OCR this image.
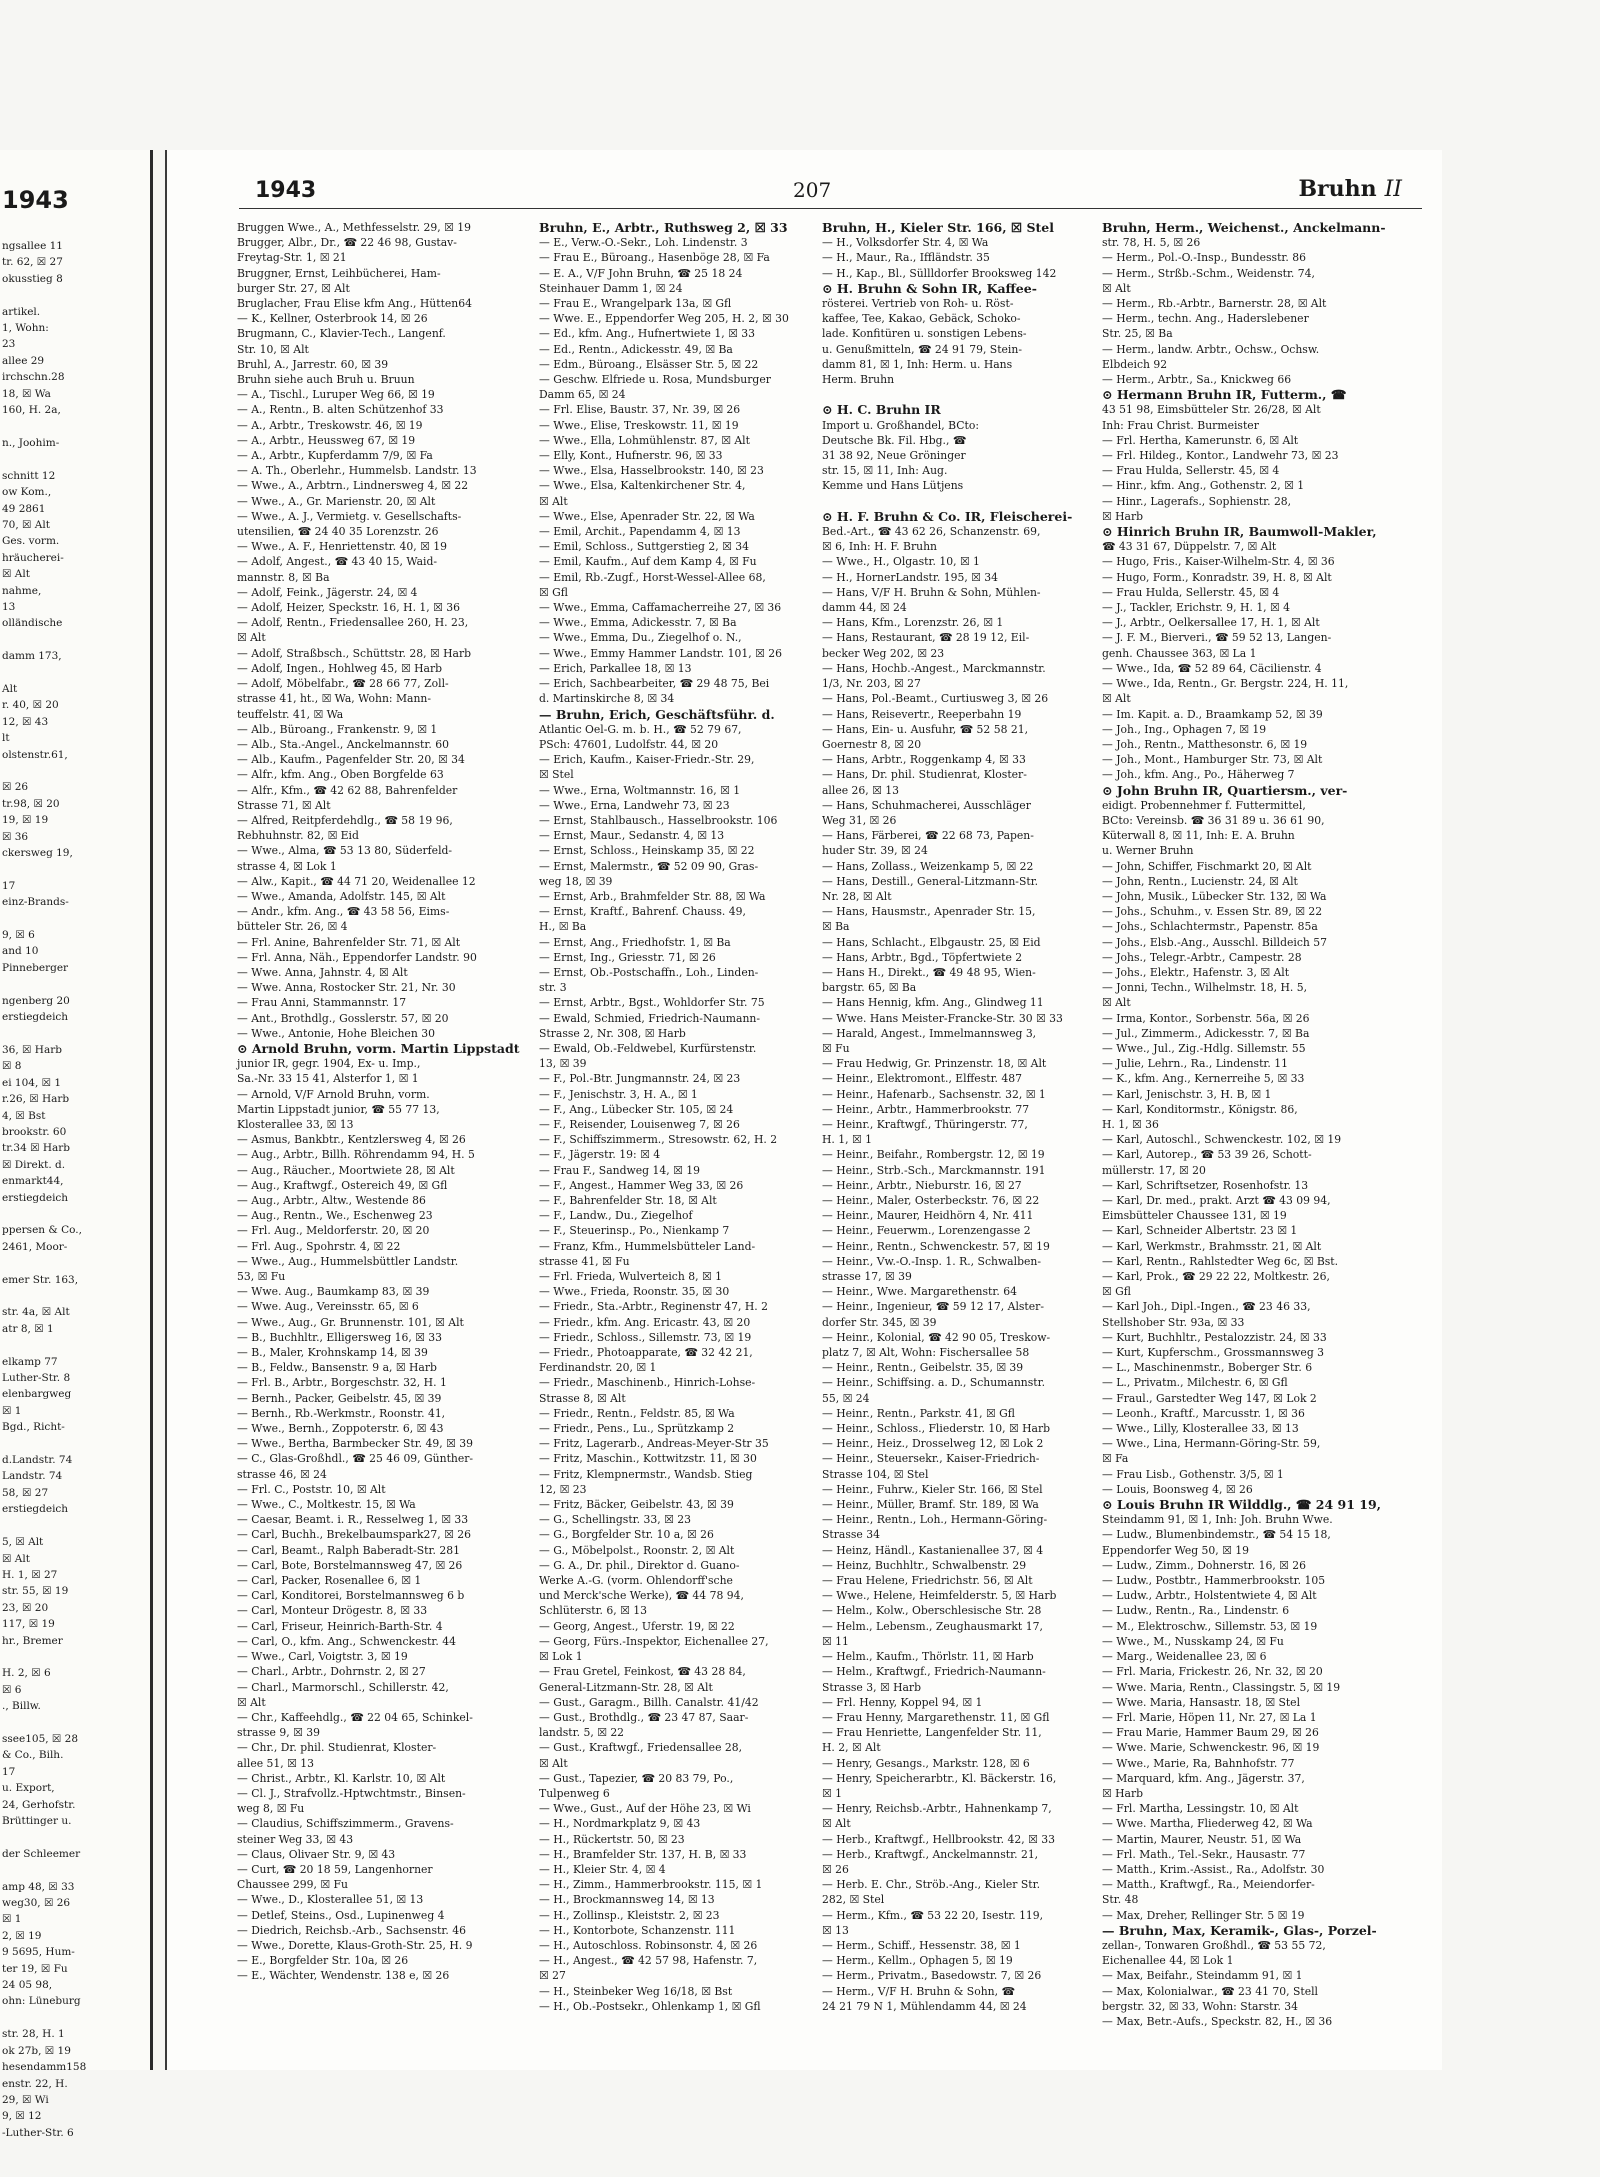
1943
ngsallee 11
tr. 62, ☒ 27
okusstieg 8

artikel.
1, Wohn:
23
allee 29
irchschn.28
18, ☒ Wa
160, H. 2a,

n., Joohim-

schnitt 12
ow Kom.,
49 2861
70, ☒ Alt
Ges. vorm.
hräucherei-
☒ Alt
nahme,
13
olländische

damm 173,

Alt
r. 40, ☒ 20
12, ☒ 43
lt
olstenstr.61,

☒ 26
tr.98, ☒ 20
19, ☒ 19
☒ 36
ckersweg 19,

17
einz-Brands-

9, ☒ 6
and 10
Pinneberger

ngenberg 20
erstiegdeich

36, ☒ Harb
☒ 8
ei 104, ☒ 1
r.26, ☒ Harb
4, ☒ Bst
brookstr. 60
tr.34 ☒ Harb
☒ Direkt. d.
enmarkt44,
erstiegdeich

ppersen & Co.,
2461, Moor-

emer Str. 163,

str. 4a, ☒ Alt
atr 8, ☒ 1

elkamp 77
Luther-Str. 8
elenbargweg
☒ 1
Bgd., Richt-

d.Landstr. 74
Landstr. 74
58, ☒ 27
erstiegdeich

5, ☒ Alt
☒ Alt
H. 1, ☒ 27
str. 55, ☒ 19
23, ☒ 20
117, ☒ 19
hr., Bremer

H. 2, ☒ 6
☒ 6
., Billw.

ssee105, ☒ 28
& Co., Bilh.
17
u. Export,
24, Gerhofstr.
Brüttinger u.

der Schleemer

amp 48, ☒ 33
weg30, ☒ 26
☒ 1
2, ☒ 19
9 5695, Hum-
ter 19, ☒ Fu
24 05 98,
ohn: Lüneburg

str. 28, H. 1
ok 27b, ☒ 19
hesendamm158
enstr. 22, H.
29, ☒ Wi
9, ☒ 12
-Luther-Str. 6
1943	207	Bruhn II
Bruggen Wwe., A., Methfesselstr. 29, ☒ 19
Brugger, Albr., Dr., ☎ 22 46 98, Gustav-
Freytag-Str. 1, ☒ 21
Bruggner, Ernst, Leihbüchereі, Ham-
burger Str. 27, ☒ Alt
Bruglacher, Frau Elise kfm Ang., Hütten64
— K., Kellner, Osterbrook 14, ☒ 26
Brugmann, C., Klavier-Tech., Langenf.
Str. 10, ☒ Alt
Bruhl, A., Jarrestr. 60, ☒ 39
Bruhn siehe auch Bruh u. Bruun
— A., Tischl., Luruper Weg 66, ☒ 19
— A., Rentn., B. alten Schützenhof 33
— A., Arbtr., Treskowstr. 46, ☒ 19
— A., Arbtr., Heussweg 67, ☒ 19
— A., Arbtr., Kupferdamm 7/9, ☒ Fa
— A. Th., Oberlehr., Hummelsb. Landstr. 13
— Wwe., A., Arbtrn., Lindnersweg 4, ☒ 22
— Wwe., A., Gr. Marienstr. 20, ☒ Alt
— Wwe., A. J., Vermietg. v. Gesellschafts-
utensilien, ☎ 24 40 35 Lorenzstr. 26
— Wwe., A. F., Henriettenstr. 40, ☒ 19
— Adolf, Angest., ☎ 43 40 15, Waid-
mannstr. 8, ☒ Ba
— Adolf, Feink., Jägerstr. 24, ☒ 4
— Adolf, Heizer, Speckstr. 16, H. 1, ☒ 36
— Adolf, Rentn., Friedensallee 260, H. 23,
☒ Alt
— Adolf, Straßbsch., Schüttstr. 28, ☒ Harb
— Adolf, Ingen., Hohlweg 45, ☒ Harb
— Adolf, Möbelfabr., ☎ 28 66 77, Zoll-
strasse 41, ht., ☒ Wa, Wohn: Mann-
teuffelstr. 41, ☒ Wa
— Alb., Büroang., Frankenstr. 9, ☒ 1
— Alb., Sta.-Angel., Anckelmannstr. 60
— Alb., Kaufm., Pagenfelder Str. 20, ☒ 34
— Alfr., kfm. Ang., Oben Borgfelde 63
— Alfr., Kfm., ☎ 42 62 88, Bahrenfelder
Strasse 71, ☒ Alt
— Alfred, Reitpferdehdlg., ☎ 58 19 96,
Rebhuhnstr. 82, ☒ Eid
— Wwe., Alma, ☎ 53 13 80, Süderfeld-
strasse 4, ☒ Lok 1
— Alw., Kapit., ☎ 44 71 20, Weidenallee 12
— Wwe., Amanda, Adolfstr. 145, ☒ Alt
— Andr., kfm. Ang., ☎ 43 58 56, Eims-
bütteler Str. 26, ☒ 4
— Frl. Anine, Bahrenfelder Str. 71, ☒ Alt
— Frl. Anna, Näh., Eppendorfer Landstr. 90
— Wwe. Anna, Jahnstr. 4, ☒ Alt
— Wwe. Anna, Rostocker Str. 21, Nr. 30
— Frau Anni, Stammannstr. 17
— Ant., Brothdlg., Gosslerstr. 57, ☒ 20
— Wwe., Antonie, Hohe Bleichen 30
⊙ Arnold Bruhn, vorm. Martin Lippstadt
junior IR, gegr. 1904, Ex- u. Imp.,
Sa.-Nr. 33 15 41, Alsterfor 1, ☒ 1
— Arnold, V/F Arnold Bruhn, vorm.
Martin Lippstadt junior, ☎ 55 77 13,
Klosterallee 33, ☒ 13
— Asmus, Bankbtr., Kentzlersweg 4, ☒ 26
— Aug., Arbtr., Billh. Röhrendamm 94, H. 5
— Aug., Räucher., Moortwiete 28, ☒ Alt
— Aug., Kraftwgf., Ostereich 49, ☒ Gfl
— Aug., Arbtr., Altw., Westende 86
— Aug., Rentn., We., Eschenweg 23
— Frl. Aug., Meldorferstr. 20, ☒ 20
— Frl. Aug., Spohrstr. 4, ☒ 22
— Wwe., Aug., Hummelsbüttler Landstr.
53, ☒ Fu
— Wwe. Aug., Baumkamp 83, ☒ 39
— Wwe. Aug., Vereinsstr. 65, ☒ 6
— Wwe., Aug., Gr. Brunnenstr. 101, ☒ Alt
— B., Buchhltr., Elligersweg 16, ☒ 33
— B., Maler, Krohnskamp 14, ☒ 39
— B., Feldw., Bansenstr. 9 a, ☒ Harb
— Frl. B., Arbtr., Borgeschstr. 32, H. 1
— Bernh., Packer, Geibelstr. 45, ☒ 39
— Bernh., Rb.-Werkmstr., Roonstr. 41,
— Wwe., Bernh., Zoppoterstr. 6, ☒ 43
— Wwe., Bertha, Barmbecker Str. 49, ☒ 39
— C., Glas-Großhdl., ☎ 25 46 09, Günther-
strasse 46, ☒ 24
— Frl. C., Poststr. 10, ☒ Alt
— Wwe., C., Moltkestr. 15, ☒ Wa
— Caesar, Beamt. i. R., Resselweg 1, ☒ 33
— Carl, Buchh., Brekelbaumspark27, ☒ 26
— Carl, Beamt., Ralph Baberadt-Str. 281
— Carl, Bote, Borstelmannsweg 47, ☒ 26
— Carl, Packer, Rosenallee 6, ☒ 1
— Carl, Konditorei, Borstelmannsweg 6 b
— Carl, Monteur Drögestr. 8, ☒ 33
— Carl, Friseur, Heinrich-Barth-Str. 4
— Carl, O., kfm. Ang., Schwenckestr. 44
— Wwe., Carl, Voigtstr. 3, ☒ 19
— Charl., Arbtr., Dohrnstr. 2, ☒ 27
— Charl., Marmorschl., Schillerstr. 42,
☒ Alt
— Chr., Kaffeehdlg., ☎ 22 04 65, Schinkel-
strasse 9, ☒ 39
— Chr., Dr. phil. Studienrat, Kloster-
allee 51, ☒ 13
— Christ., Arbtr., Kl. Karlstr. 10, ☒ Alt
— Cl. J., Strafvollz.-Hptwchtmstr., Binsen-
weg 8, ☒ Fu
— Claudius, Schiffszimmerm., Gravens-
steiner Weg 33, ☒ 43
— Claus, Olivaer Str. 9, ☒ 43
— Curt, ☎ 20 18 59, Langenhorner
Chaussee 299, ☒ Fu
— Wwe., D., Klosterallee 51, ☒ 13
— Detlef, Steins., Osd., Lupinenweg 4
— Diedrich, Reichsb.-Arb., Sachsenstr. 46
— Wwe., Dorette, Klaus-Groth-Str. 25, H. 9
— E., Borgfelder Str. 10a, ☒ 26
— E., Wächter, Wendenstr. 138 e, ☒ 26
Bruhn, E., Arbtr., Ruthsweg 2, ☒ 33
— E., Verw.-O.-Sekr., Loh. Lindenstr. 3
— Frau E., Büroang., Hasenböge 28, ☒ Fa
— E. A., V/F John Bruhn, ☎ 25 18 24
Steinhauer Damm 1, ☒ 24
— Frau E., Wrangelpark 13a, ☒ Gfl
— Wwe. E., Eppendorfer Weg 205, H. 2, ☒ 30
— Ed., kfm. Ang., Hufnertwiete 1, ☒ 33
— Ed., Rentn., Adickesstr. 49, ☒ Ba
— Edm., Büroang., Elsässer Str. 5, ☒ 22
— Geschw. Elfriede u. Rosa, Mundsburger
Damm 65, ☒ 24
— Frl. Elise, Baustr. 37, Nr. 39, ☒ 26
— Wwe., Elise, Treskowstr. 11, ☒ 19
— Wwe., Ella, Lohmühlenstr. 87, ☒ Alt
— Elly, Kont., Hufnerstr. 96, ☒ 33
— Wwe., Elsa, Hasselbrookstr. 140, ☒ 23
— Wwe., Elsa, Kaltenkirchener Str. 4,
☒ Alt
— Wwe., Else, Apenrader Str. 22, ☒ Wa
— Emil, Archit., Papendamm 4, ☒ 13
— Emil, Schloss., Suttgerstieg 2, ☒ 34
— Emil, Kaufm., Auf dem Kamp 4, ☒ Fu
— Emil, Rb.-Zugf., Horst-Wessel-Allee 68,
☒ Gfl
— Wwe., Emma, Caffamacherreihe 27, ☒ 36
— Wwe., Emma, Adickesstr. 7, ☒ Ba
— Wwe., Emma, Du., Ziegelhof o. N.,
— Wwe., Emmy Hammer Landstr. 101, ☒ 26
— Erich, Parkallee 18, ☒ 13
— Erich, Sachbearbeiter, ☎ 29 48 75, Bei
d. Martinskirche 8, ☒ 34
— Bruhn, Erich, Geschäftsführ. d.
Atlantic Oel-G. m. b. H., ☎ 52 79 67,
PSch: 47601, Ludolfstr. 44, ☒ 20
— Erich, Kaufm., Kaiser-Friedr.-Str. 29,
☒ Stel
— Wwe., Erna, Woltmannstr. 16, ☒ 1
— Wwe., Erna, Landwehr 73, ☒ 23
— Ernst, Stahlbausch., Hasselbrookstr. 106
— Ernst, Maur., Sedanstr. 4, ☒ 13
— Ernst, Schloss., Heinskamp 35, ☒ 22
— Ernst, Malermstr., ☎ 52 09 90, Gras-
weg 18, ☒ 39
— Ernst, Arb., Brahmfelder Str. 88, ☒ Wa
— Ernst, Kraftf., Bahrenf. Chauss. 49,
H., ☒ Ba
— Ernst, Ang., Friedhofstr. 1, ☒ Ba
— Ernst, Ing., Griesstr. 71, ☒ 26
— Ernst, Ob.-Postschaffn., Loh., Linden-
str. 3
— Ernst, Arbtr., Bgst., Wohldorfer Str. 75
— Ewald, Schmied, Friedrich-Naumann-
Strasse 2, Nr. 308, ☒ Harb
— Ewald, Ob.-Feldwebel, Kurfürstenstr.
13, ☒ 39
— F., Pol.-Btr. Jungmannstr. 24, ☒ 23
— F., Jenischstr. 3, H. A., ☒ 1
— F., Ang., Lübecker Str. 105, ☒ 24
— F., Reisender, Louisenweg 7, ☒ 26
— F., Schiffszimmerm., Stresowstr. 62, H. 2
— F., Jägerstr. 19: ☒ 4
— Frau F., Sandweg 14, ☒ 19
— F., Angest., Hammer Weg 33, ☒ 26
— F., Bahrenfelder Str. 18, ☒ Alt
— F., Landw., Du., Ziegelhof
— F., Steuerinsp., Po., Nienkamp 7
— Franz, Kfm., Hummelsbütteler Land-
strasse 41, ☒ Fu
— Frl. Frieda, Wulverteich 8, ☒ 1
— Wwe., Frieda, Roonstr. 35, ☒ 30
— Friedr., Sta.-Arbtr., Reginenstr 47, H. 2
— Friedr., kfm. Ang. Ericastr. 43, ☒ 20
— Friedr., Schloss., Sillemstr. 73, ☒ 19
— Friedr., Photoapparate, ☎ 32 42 21,
Ferdinandstr. 20, ☒ 1
— Friedr., Maschinenb., Hinrich-Lohse-
Strasse 8, ☒ Alt
— Friedr., Rentn., Feldstr. 85, ☒ Wa
— Friedr., Pens., Lu., Sprützkamp 2
— Fritz, Lagerarb., Andreas-Meyer-Str 35
— Fritz, Maschin., Kottwitzstr. 11, ☒ 30
— Fritz, Klempnermstr., Wandsb. Stieg
12, ☒ 23
— Fritz, Bäcker, Geibelstr. 43, ☒ 39
— G., Schellingstr. 33, ☒ 23
— G., Borgfelder Str. 10 a, ☒ 26
— G., Möbelpolst., Roonstr. 2, ☒ Alt
— G. A., Dr. phil., Direktor d. Guano-
Werke A.-G. (vorm. Ohlendorff'sche
und Merck'sche Werke), ☎ 44 78 94,
Schlüterstr. 6, ☒ 13
— Georg, Angest., Uferstr. 19, ☒ 22
— Georg, Fürs.-Inspektor, Eichenallee 27,
☒ Lok 1
— Frau Gretel, Feinkost, ☎ 43 28 84,
General-Litzmann-Str. 28, ☒ Alt
— Gust., Garagm., Billh. Canalstr. 41/42
— Gust., Brothdlg., ☎ 23 47 87, Saar-
landstr. 5, ☒ 22
— Gust., Kraftwgf., Friedensallee 28,
☒ Alt
— Gust., Tapezier, ☎ 20 83 79, Po.,
Tulpenweg 6
— Wwe., Gust., Auf der Höhe 23, ☒ Wi
— H., Nordmarkplatz 9, ☒ 43
— H., Rückertstr. 50, ☒ 23
— H., Bramfelder Str. 137, H. B, ☒ 33
— H., Kleier Str. 4, ☒ 4
— H., Zimm., Hammerbrookstr. 115, ☒ 1
— H., Brockmannsweg 14, ☒ 13
— H., Zollinsp., Kleiststr. 2, ☒ 23
— H., Kontorbote, Schanzenstr. 111
— H., Autoschloss. Robinsonstr. 4, ☒ 26
— H., Angest., ☎ 42 57 98, Hafenstr. 7,
☒ 27
— H., Steinbeker Weg 16/18, ☒ Bst
— H., Ob.-Postsekr., Ohlenkamp 1, ☒ Gfl
Bruhn, H., Kieler Str. 166, ☒ Stel
— H., Volksdorfer Str. 4, ☒ Wa
— H., Maur., Ra., Iffländstr. 35
— H., Kap., Bl., Süllldorfer Brooksweg 142
⊙ H. Bruhn & Sohn IR, Kaffee-
rösterei. Vertrieb von Roh- u. Röst-
kaffee, Tee, Kakao, Gebäck, Schoko-
lade. Konfitüren u. sonstigen Lebens-
u. Genußmitteln, ☎ 24 91 79, Stein-
damm 81, ☒ 1, Inh: Herm. u. Hans
Herm. Bruhn

⊙ H. C. Bruhn IR
Import u. Großhandel, BCto:
Deutsche Bk. Fil. Hbg., ☎
31 38 92, Neue Gröninger
str. 15, ☒ 11, Inh: Aug.
Kemme und Hans Lütjens

⊙ H. F. Bruhn & Co. IR, Fleischerei-
Bed.-Art., ☎ 43 62 26, Schanzenstr. 69,
☒ 6, Inh: H. F. Bruhn
— Wwe., H., Olgastr. 10, ☒ 1
— H., HornerLandstr. 195, ☒ 34
— Hans, V/F H. Bruhn & Sohn, Mühlen-
damm 44, ☒ 24
— Hans, Kfm., Lorenzstr. 26, ☒ 1
— Hans, Restaurant, ☎ 28 19 12, Eil-
becker Weg 202, ☒ 23
— Hans, Hochb.-Angest., Marckmannstr.
1/3, Nr. 203, ☒ 27
— Hans, Pol.-Beamt., Curtiusweg 3, ☒ 26
— Hans, Reisevertr., Reeperbahn 19
— Hans, Ein- u. Ausfuhr, ☎ 52 58 21,
Goernestr 8, ☒ 20
— Hans, Arbtr., Roggenkamp 4, ☒ 33
— Hans, Dr. phil. Studienrat, Kloster-
allee 26, ☒ 13
— Hans, Schuhmacherei, Ausschläger
Weg 31, ☒ 26
— Hans, Färberei, ☎ 22 68 73, Papen-
huder Str. 39, ☒ 24
— Hans, Zollass., Weizenkamp 5, ☒ 22
— Hans, Destill., General-Litzmann-Str.
Nr. 28, ☒ Alt
— Hans, Hausmstr., Apenrader Str. 15,
☒ Ba
— Hans, Schlacht., Elbgaustr. 25, ☒ Eid
— Hans, Arbtr., Bgd., Töpfertwiete 2
— Hans H., Direkt., ☎ 49 48 95, Wien-
bargstr. 65, ☒ Ba
— Hans Hennig, kfm. Ang., Glindweg 11
— Wwe. Hans Meister-Francke-Str. 30 ☒ 33
— Harald, Angest., Immelmannsweg 3,
☒ Fu
— Frau Hedwig, Gr. Prinzenstr. 18, ☒ Alt
— Heinr., Elektromont., Elffestr. 487
— Heinr., Hafenarb., Sachsenstr. 32, ☒ 1
— Heinr., Arbtr., Hammerbrookstr. 77
— Heinr., Kraftwgf., Thüringerstr. 77,
H. 1, ☒ 1
— Heinr., Beifahr., Rombergstr. 12, ☒ 19
— Heinr., Strb.-Sch., Marckmannstr. 191
— Heinr., Arbtr., Nieburstr. 16, ☒ 27
— Heinr., Maler, Osterbeckstr. 76, ☒ 22
— Heinr., Maurer, Heidhörn 4, Nr. 411
— Heinr., Feuerwm., Lorenzengasse 2
— Heinr., Rentn., Schwenckestr. 57, ☒ 19
— Heinr., Vw.-O.-Insp. 1. R., Schwalben-
strasse 17, ☒ 39
— Heinr., Wwe. Margarethenstr. 64
— Heinr., Ingenieur, ☎ 59 12 17, Alster-
dorfer Str. 345, ☒ 39
— Heinr., Kolonial, ☎ 42 90 05, Treskow-
platz 7, ☒ Alt, Wohn: Fischersallee 58
— Heinr., Rentn., Geibelstr. 35, ☒ 39
— Heinr., Schiffsing. a. D., Schumannstr.
55, ☒ 24
— Heinr., Rentn., Parkstr. 41, ☒ Gfl
— Heinr., Schloss., Fliederstr. 10, ☒ Harb
— Heinr., Heiz., Drosselweg 12, ☒ Lok 2
— Heinr., Steuersekr., Kaiser-Friedrich-
Strasse 104, ☒ Stel
— Heinr., Fuhrw., Kieler Str. 166, ☒ Stel
— Heinr., Müller, Bramf. Str. 189, ☒ Wa
— Heinr., Rentn., Loh., Hermann-Göring-
Strasse 34
— Heinz, Händl., Kastanienallee 37, ☒ 4
— Heinz, Buchhltr., Schwalbenstr. 29
— Frau Helene, Friedrichstr. 56, ☒ Alt
— Wwe., Helene, Heimfelderstr. 5, ☒ Harb
— Helm., Kolw., Oberschlesische Str. 28
— Helm., Lebensm., Zeughausmarkt 17,
☒ 11
— Helm., Kaufm., Thörlstr. 11, ☒ Harb
— Helm., Kraftwgf., Friedrich-Naumann-
Strasse 3, ☒ Harb
— Frl. Henny, Koppel 94, ☒ 1
— Frau Henny, Margarethenstr. 11, ☒ Gfl
— Frau Henriette, Langenfelder Str. 11,
H. 2, ☒ Alt
— Henry, Gesangs., Markstr. 128, ☒ 6
— Henry, Speicherarbtr., Kl. Bäckerstr. 16,
☒ 1
— Henry, Reichsb.-Arbtr., Hahnenkamp 7,
☒ Alt
— Herb., Kraftwgf., Hellbrookstr. 42, ☒ 33
— Herb., Kraftwgf., Anckelmannstr. 21,
☒ 26
— Herb. E. Chr., Ströb.-Ang., Kieler Str.
282, ☒ Stel
— Herm., Kfm., ☎ 53 22 20, Isestr. 119,
☒ 13
— Herm., Schiff., Hessenstr. 38, ☒ 1
— Herm., Kellm., Ophagen 5, ☒ 19
— Herm., Privatm., Basedowstr. 7, ☒ 26
— Herm., V/F H. Bruhn & Sohn, ☎
24 21 79 N 1, Mühlendamm 44, ☒ 24
Bruhn, Herm., Weichenst., Anckelmann-
str. 78, H. 5, ☒ 26
— Herm., Pol.-O.-Insp., Bundesstr. 86
— Herm., Strßb.-Schm., Weidenstr. 74,
☒ Alt
— Herm., Rb.-Arbtr., Barnerstr. 28, ☒ Alt
— Herm., techn. Ang., Haderslebener
Str. 25, ☒ Ba
— Herm., landw. Arbtr., Ochsw., Ochsw.
Elbdeich 92
— Herm., Arbtr., Sa., Knickweg 66
⊙ Hermann Bruhn IR, Futterm., ☎
43 51 98, Eimsbütteler Str. 26/28, ☒ Alt
Inh: Frau Christ. Burmeister
— Frl. Hertha, Kamerunstr. 6, ☒ Alt
— Frl. Hildeg., Kontor., Landwehr 73, ☒ 23
— Frau Hulda, Sellerstr. 45, ☒ 4
— Hinr., kfm. Ang., Gothenstr. 2, ☒ 1
— Hinr., Lagerafs., Sophienstr. 28,
☒ Harb
⊙ Hinrich Bruhn IR, Baumwoll-Makler,
☎ 43 31 67, Düppelstr. 7, ☒ Alt
— Hugo, Fris., Kaiser-Wilhelm-Str. 4, ☒ 36
— Hugo, Form., Konradstr. 39, H. 8, ☒ Alt
— Frau Hulda, Sellerstr. 45, ☒ 4
— J., Tackler, Erichstr. 9, H. 1, ☒ 4
— J., Arbtr., Oelkersallee 17, H. 1, ☒ Alt
— J. F. M., Bierveri., ☎ 59 52 13, Langen-
genh. Chaussee 363, ☒ La 1
— Wwe., Ida, ☎ 52 89 64, Cäcilienstr. 4
— Wwe., Ida, Rentn., Gr. Bergstr. 224, H. 11,
☒ Alt
— Im. Kapit. a. D., Braamkamp 52, ☒ 39
— Joh., Ing., Ophagen 7, ☒ 19
— Joh., Rentn., Matthesonstr. 6, ☒ 19
— Joh., Mont., Hamburger Str. 73, ☒ Alt
— Joh., kfm. Ang., Po., Häherweg 7
⊙ John Bruhn IR, Quartiersm., ver-
eidigt. Probennehmer f. Futtermittel,
BCto: Vereinsb. ☎ 36 31 89 u. 36 61 90,
Küterwall 8, ☒ 11, Inh: E. A. Bruhn
u. Werner Bruhn
— John, Schiffer, Fischmarkt 20, ☒ Alt
— John, Rentn., Lucienstr. 24, ☒ Alt
— John, Musik., Lübecker Str. 132, ☒ Wa
— Johs., Schuhm., v. Essen Str. 89, ☒ 22
— Johs., Schlachtermstr., Papenstr. 85a
— Johs., Elsb.-Ang., Ausschl. Billdeich 57
— Johs., Telegr.-Arbtr., Campestr. 28
— Johs., Elektr., Hafenstr. 3, ☒ Alt
— Jonni, Techn., Wilhelmstr. 18, H. 5,
☒ Alt
— Irma, Kontor., Sorbenstr. 56a, ☒ 26
— Jul., Zimmerm., Adickesstr. 7, ☒ Ba
— Wwe., Jul., Zig.-Hdlg. Sillemstr. 55
— Julie, Lehrn., Ra., Lindenstr. 11
— K., kfm. Ang., Kernerreihe 5, ☒ 33
— Karl, Jenischstr. 3, H. B, ☒ 1
— Karl, Konditormstr., Königstr. 86,
H. 1, ☒ 36
— Karl, Autoschl., Schwenckestr. 102, ☒ 19
— Karl, Autorep., ☎ 53 39 26, Schott-
müllerstr. 17, ☒ 20
— Karl, Schriftsetzer, Rosenhofstr. 13
— Karl, Dr. med., prakt. Arzt ☎ 43 09 94,
Eimsbütteler Chaussee 131, ☒ 19
— Karl, Schneider Albertstr. 23 ☒ 1
— Karl, Werkmstr., Brahmsstr. 21, ☒ Alt
— Karl, Rentn., Rahlstedter Weg 6c, ☒ Bst.
— Karl, Prok., ☎ 29 22 22, Moltkestr. 26,
☒ Gfl
— Karl Joh., Dipl.-Ingen., ☎ 23 46 33,
Stellshober Str. 93a, ☒ 33
— Kurt, Buchhltr., Pestalozzistr. 24, ☒ 33
— Kurt, Kupferschm., Grossmannsweg 3
— L., Maschinenmstr., Boberger Str. 6
— L., Privatm., Milchestr. 6, ☒ Gfl
— Fraul., Garstedter Weg 147, ☒ Lok 2
— Leonh., Kraftf., Marcusstr. 1, ☒ 36
— Wwe., Lilly, Klosterallee 33, ☒ 13
— Wwe., Lina, Hermann-Göring-Str. 59,
☒ Fa
— Frau Lisb., Gothenstr. 3/5, ☒ 1
— Louis, Boonsweg 4, ☒ 26
⊙ Louis Bruhn IR Wilddlg., ☎ 24 91 19,
Steindamm 91, ☒ 1, Inh: Joh. Bruhn Wwe.
— Ludw., Blumenbindemstr., ☎ 54 15 18,
Eppendorfer Weg 50, ☒ 19
— Ludw., Zimm., Dohnerstr. 16, ☒ 26
— Ludw., Postbtr., Hammerbrookstr. 105
— Ludw., Arbtr., Holstentwiete 4, ☒ Alt
— Ludw., Rentn., Ra., Lindenstr. 6
— M., Elektroschw., Sillemstr. 53, ☒ 19
— Wwe., M., Nusskamp 24, ☒ Fu
— Marg., Weidenallee 23, ☒ 6
— Frl. Maria, Frickestr. 26, Nr. 32, ☒ 20
— Wwe. Maria, Rentn., Classingstr. 5, ☒ 19
— Wwe. Maria, Hansastr. 18, ☒ Stel
— Frl. Marie, Höpen 11, Nr. 27, ☒ La 1
— Frau Marie, Hammer Baum 29, ☒ 26
— Wwe. Marie, Schwenckestr. 96, ☒ 19
— Wwe., Marie, Ra, Bahnhofstr. 77
— Marquard, kfm. Ang., Jägerstr. 37,
☒ Harb
— Frl. Martha, Lessingstr. 10, ☒ Alt
— Wwe. Martha, Fliederweg 42, ☒ Wa
— Martin, Maurer, Neustr. 51, ☒ Wa
— Frl. Math., Tel.-Sekr., Hausastr. 77
— Matth., Krim.-Assist., Ra., Adolfstr. 30
— Matth., Kraftwgf., Ra., Meiendorfer-
Str. 48
— Max, Dreher, Rellinger Str. 5 ☒ 19
— Bruhn, Max, Keramik-, Glas-, Porzel-
zellan-, Tonwaren Großhdl., ☎ 53 55 72,
Eichenallee 44, ☒ Lok 1
— Max, Beifahr., Steindamm 91, ☒ 1
— Max, Kolonialwar., ☎ 23 41 70, Stell
bergstr. 32, ☒ 33, Wohn: Starstr. 34
— Max, Betr.-Aufs., Speckstr. 82, H., ☒ 36
